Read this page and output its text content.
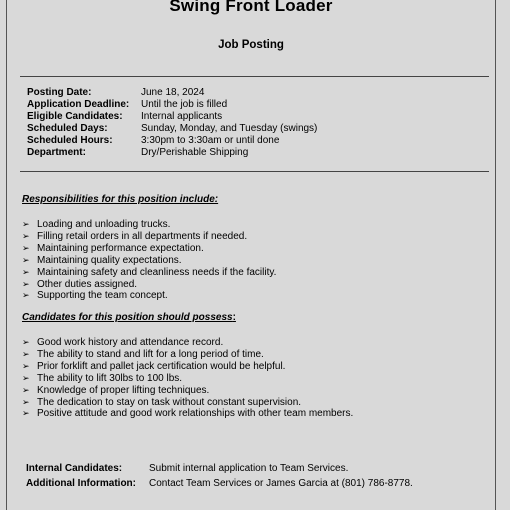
Swing Front Loader
Job Posting
Posting Date:	June 18, 2024
Application Deadline:	Until the job is filled
Eligible Candidates:	Internal applicants
Scheduled Days:	Sunday, Monday, and Tuesday (swings)
Scheduled Hours:	3:30pm to 3:30am or until done
Department:	Dry/Perishable Shipping
Responsibilities for this position include:
➢ Loading and unloading trucks.
➢ Filling retail orders in all departments if needed.
➢ Maintaining performance expectation.
➢ Maintaining quality expectations.
➢ Maintaining safety and cleanliness needs if the facility.
➢ Other duties assigned.
➢ Supporting the team concept.
Candidates for this position should possess:
➢ Good work history and attendance record.
➢ The ability to stand and lift for a long period of time.
➢ Prior forklift and pallet jack certification would be helpful.
➢ The ability to lift 30lbs to 100 lbs.
➢ Knowledge of proper lifting techniques.
➢ The dedication to stay on task without constant supervision.
➢ Positive attitude and good work relationships with other team members.
Internal Candidates:	Submit internal application to Team Services.
Additional Information:	Contact Team Services or James Garcia at (801) 786-8778.
